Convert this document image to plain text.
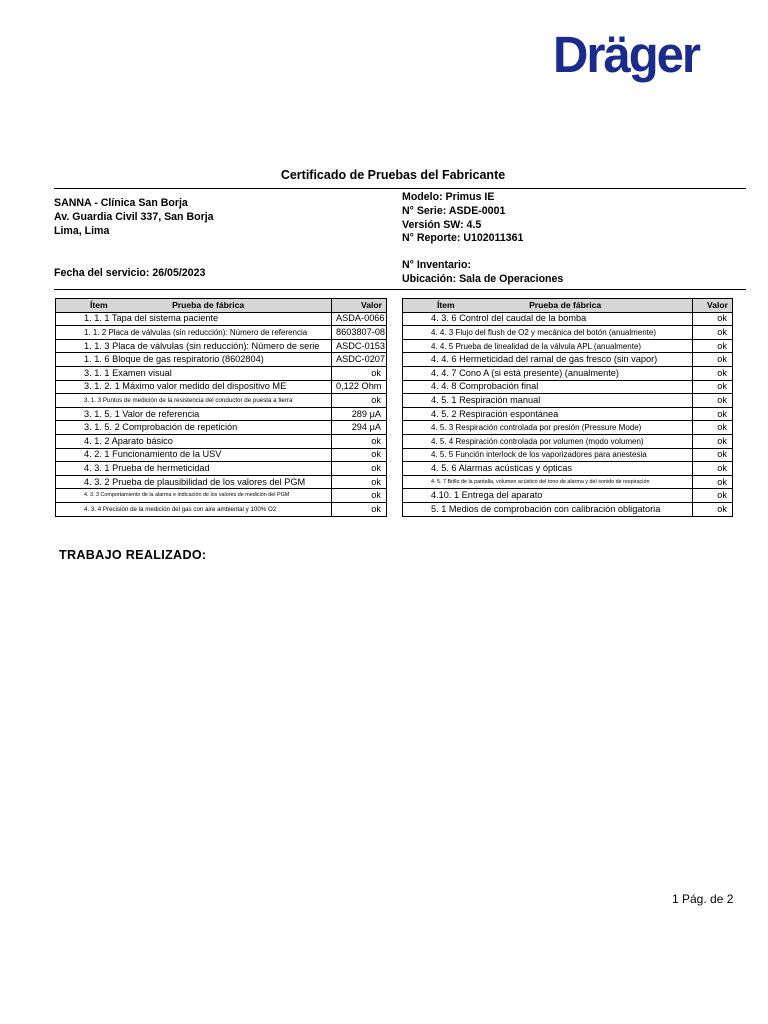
Dräger
Certificado de Pruebas del Fabricante
SANNA - Clínica San Borja
Av. Guardia Civil 337, San Borja
Lima, Lima
Modelo: Primus IE
N° Serie: ASDE-0001
Versión SW: 4.5
N° Reporte: U102011361
Fecha del servicio: 26/05/2023
N° Inventario:
Ubicación: Sala de Operaciones
Ítem Prueba de fábrica	Valor
1. 1. 1 Tapa del sistema paciente	ASDA-0066
1. 1. 2 Placa de válvulas (sin reducción): Número de referencia	8603807-08
1. 1. 3 Placa de válvulas (sin reducción): Número de serie	ASDC-0153
1. 1. 6 Bloque de gas respiratorio (8602804)	ASDC-0207
3. 1. 1 Examen visual	ok
3. 1. 2. 1 Máximo valor medido del dispositivo ME	0,122 Ohm
3. 1. 3 Puntos de medición de la resistencia del conductor de puesta a tierra	ok
3. 1. 5. 1 Valor de referencia	289 μA
3. 1. 5. 2 Comprobación de repetición	294 μA
4. 1. 2 Aparato básico	ok
4. 2. 1 Funcionamiento de la USV	ok
4. 3. 1 Prueba de hermeticidad	ok
4. 3. 2 Prueba de plausibilidad de los valores del PGM	ok
4. 3. 3 Comportamiento de la alarma e indicación de los valores de medición del PGM	ok
4. 3. 4 Precisión de la medición del gas con aire ambiental y 100% O2	ok
Ítem Prueba de fábrica	Valor
4. 3. 6 Control del caudal de la bomba	ok
4. 4. 3 Flujo del flush de O2 y mecánica del botón (anualmente)	ok
4. 4. 5 Prueba de linealidad de la válvula APL (anualmente)	ok
4. 4. 6 Hermeticidad del ramal de gas fresco (sin vapor)	ok
4. 4. 7 Cono A (si está presente) (anualmente)	ok
4. 4. 8 Comprobación final	ok
4. 5. 1 Respiración manual	ok
4. 5. 2 Respiración espontánea	ok
4. 5. 3 Respiración controlada por presión (Pressure Mode)	ok
4. 5. 4 Respiración controlada por volumen (modo volumen)	ok
4. 5. 5 Función interlock de los vaporizadores para anestesia	ok
4. 5. 6 Alarmas acústicas y ópticas	ok
4. 5. 7 Brillo de la pantalla, volumen acústico del tono de alarma y del sonido de respiración	ok
4.10. 1 Entrega del aparato	ok
5. 1 Medios de comprobación con calibración obligatoria	ok
TRABAJO REALIZADO:
1 Pág. de 2
